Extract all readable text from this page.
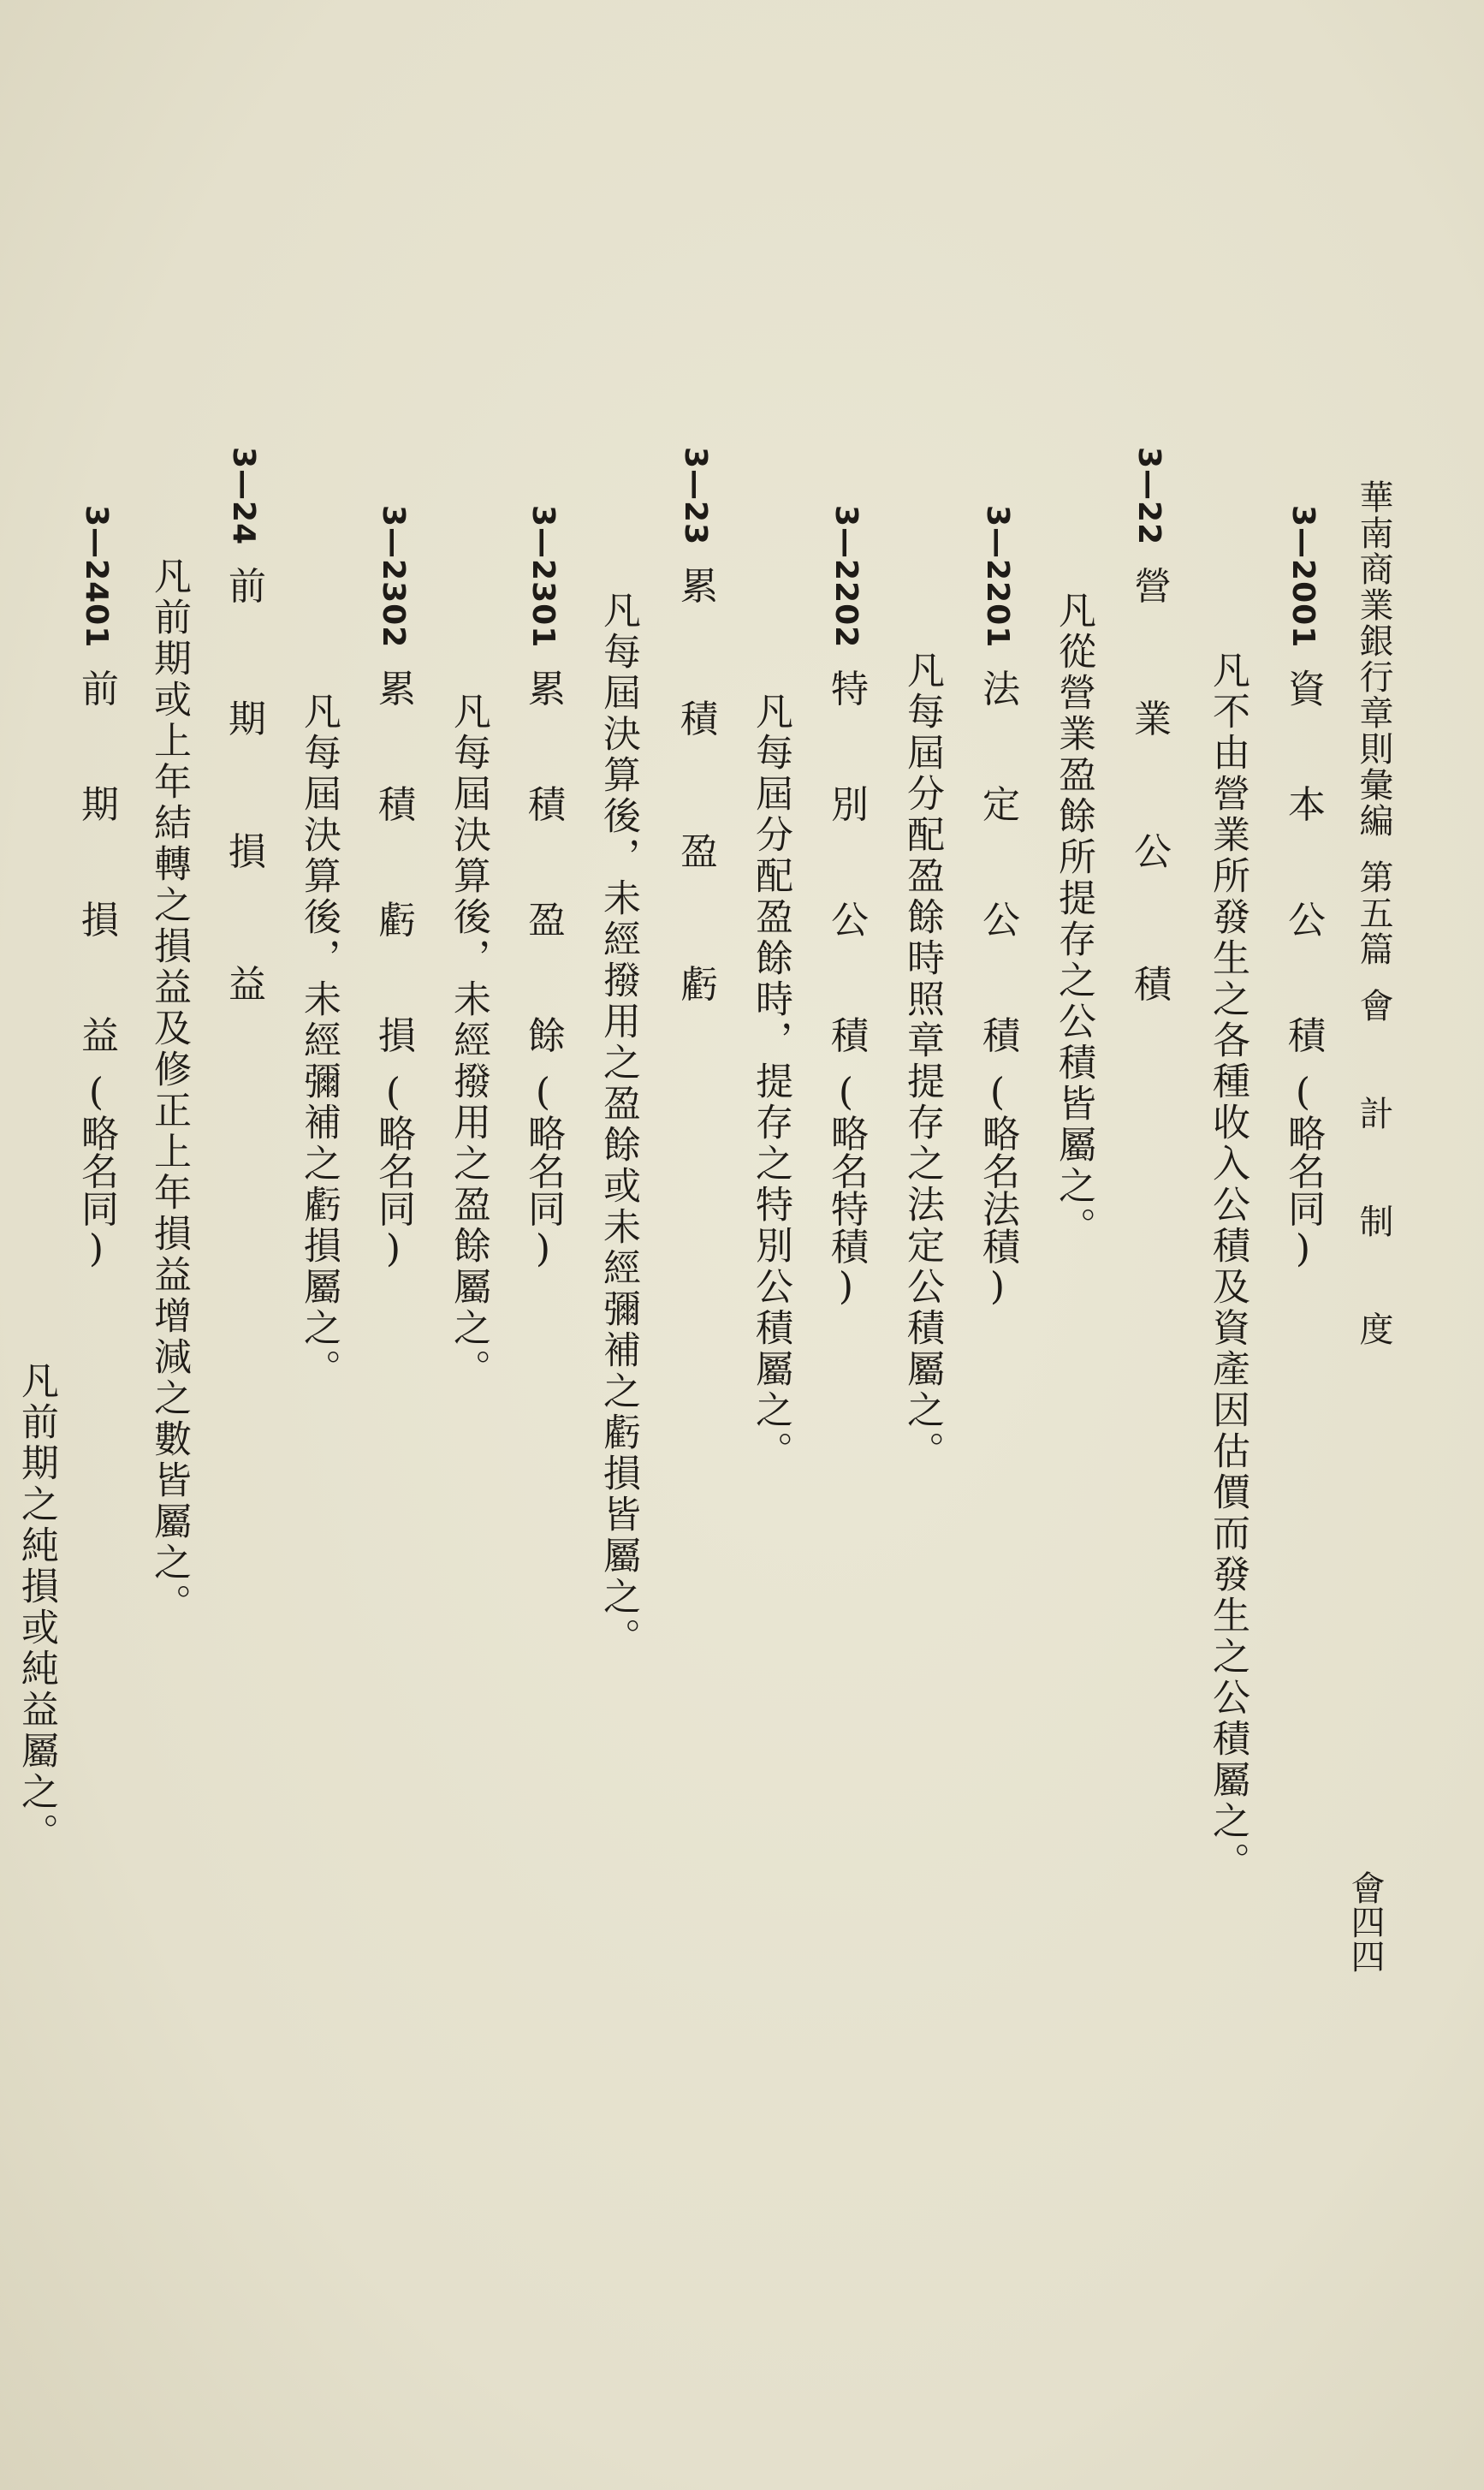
華南商業銀行章則彙編第五篇會 計 制 度
會四四
3—2001資 本 公 積(略名同)
凡不由營業所發生之各種收入公積及資產因估價而發生之公積屬之。
3—22營 業 公 積
凡從營業盈餘所提存之公積皆屬之。
3—2201法 定 公 積(略名法積)
凡每屆分配盈餘時照章提存之法定公積屬之。
3—2202特 別 公 積(略名特積)
凡每屆分配盈餘時，提存之特別公積屬之。
3—23累 積 盈 虧
凡每屆決算後，未經撥用之盈餘或未經彌補之虧損皆屬之。
3—2301累 積 盈 餘(略名同)
凡每屆決算後，未經撥用之盈餘屬之。
3—2302累 積 虧 損(略名同)
凡每屆決算後，未經彌補之虧損屬之。
3—24前 期 損 益
凡前期或上年結轉之損益及修正上年損益增減之數皆屬之。
3—2401前 期 損 益(略名同)
凡前期之純損或純益屬之。
